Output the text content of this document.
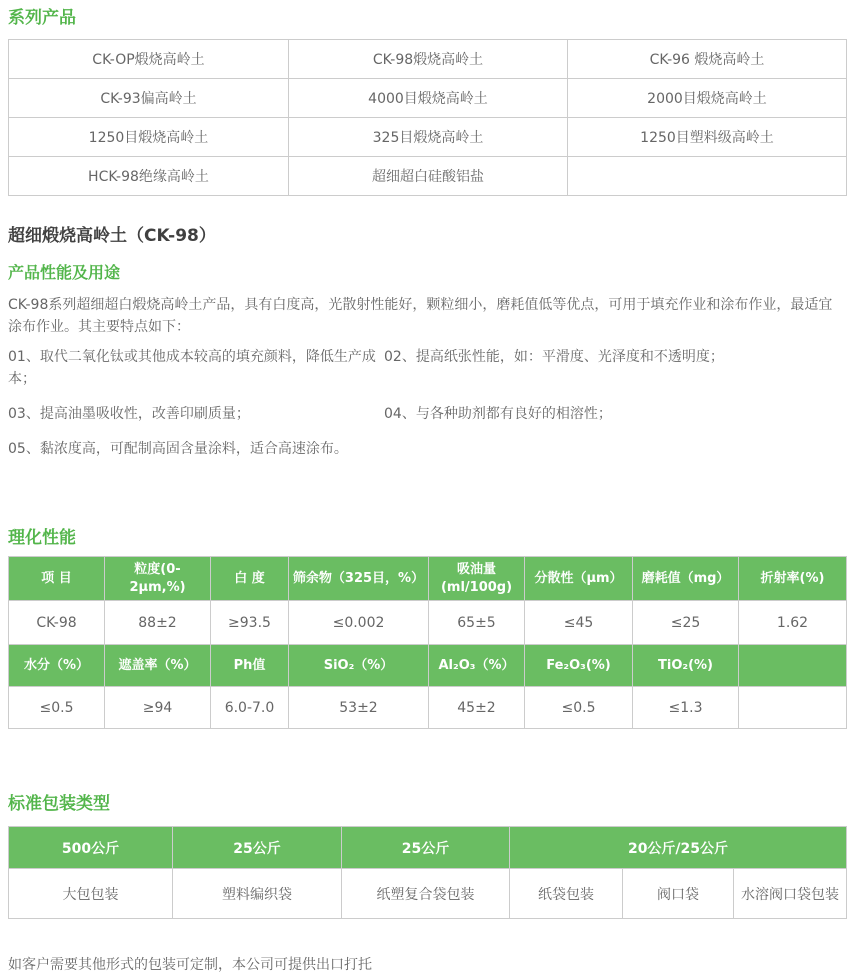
系列产品
CK-OP煅烧高岭土	CK-98煅烧高岭土	CK-96 煅烧高岭土
CK-93偏高岭土	4000目煅烧高岭土	2000目煅烧高岭土
1250目煅烧高岭土	325目煅烧高岭土	1250目塑料级高岭土
HCK-98绝缘高岭土	超细超白硅酸铝盐	
超细煅烧高岭土（CK-98）
产品性能及用途

CK-98系列超细超白煅烧高岭土产品，具有白度高，光散射性能好，颗粒细小，磨耗值低等优点，可用于填充作业和涂布作业，最适宜涂布作业。其主要特点如下：

01、取代二氧化钛或其他成本较高的填充颜料，降低生产成本；
02、提高纸张性能，如：平滑度、光泽度和不透明度；
03、提高油墨吸收性，改善印刷质量；	04、与各种助剂都有良好的相溶性；
05、黏浓度高，可配制高固含量涂料，适合高速涂布。
理化性能
项 目	粒度(0-2μm,%)	白 度	筛余物（325目，%）	吸油量 (ml/100g)	分散性（μm）	磨耗值（mg）	折射率(%)
CK-98	88±2	≥93.5	≤0.002	65±5	≤45	≤25	1.62
水分（%）	遮盖率（%）	Ph值	SiO₂（%）	Al₂O₃（%）	Fe₂O₃(%)	TiO₂(%)	
≤0.5	≥94	6.0-7.0	53±2	45±2	≤0.5	≤1.3	
标准包装类型
500公斤	25公斤	25公斤	20公斤/25公斤		
大包包装	塑料编织袋	纸塑复合袋包装	纸袋包装	阀口袋	水溶阀口袋包装

如客户需要其他形式的包装可定制，本公司可提供出口打托
